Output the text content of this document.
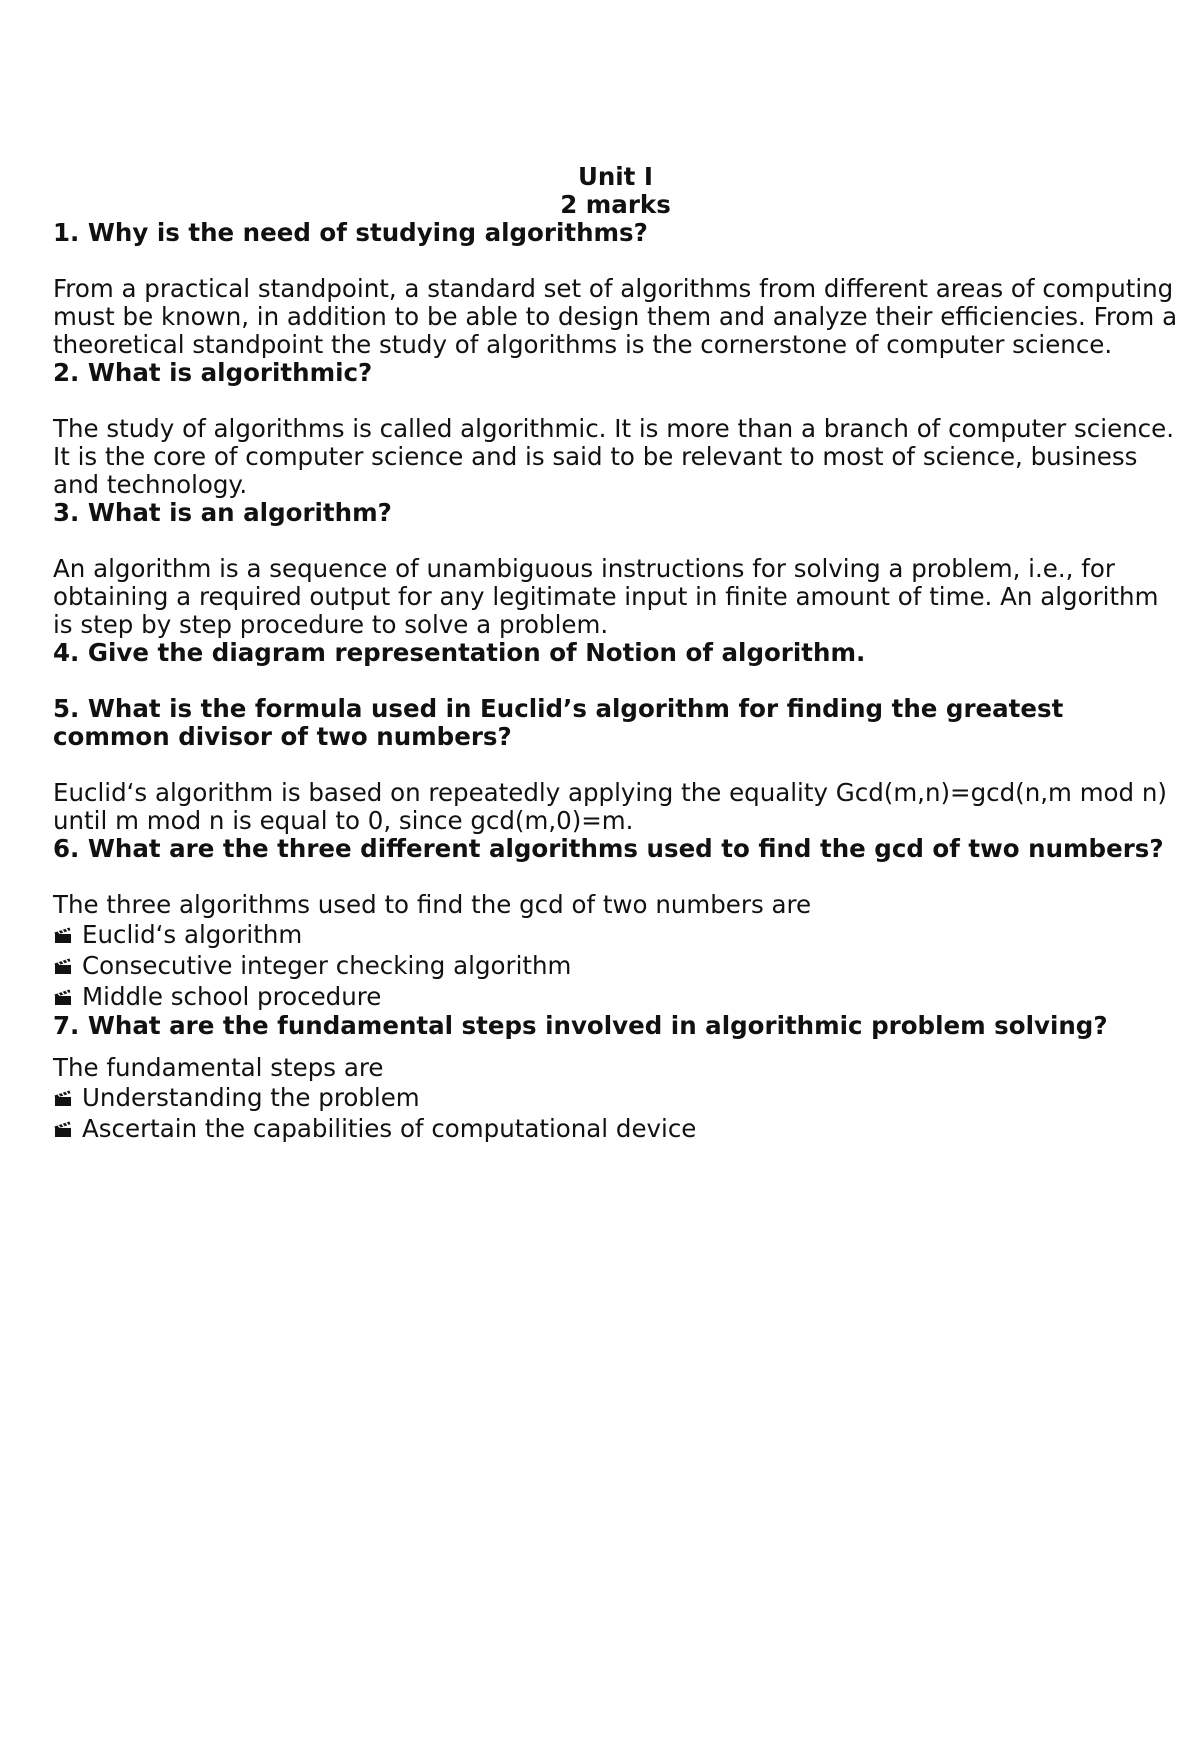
Unit I

2 marks

1. Why is the need of studying algorithms?

From a practical standpoint, a standard set of algorithms from different areas of computing must be known, in addition to be able to design them and analyze their efficiencies. From a theoretical standpoint the study of algorithms is the cornerstone of computer science.

2. What is algorithmic?

The study of algorithms is called algorithmic. It is more than a branch of computer science. It is the core of computer science and is said to be relevant to most of science, business and technology.

3. What is an algorithm?

An algorithm is a sequence of unambiguous instructions for solving a problem, i.e., for obtaining a required output for any legitimate input in finite amount of time. An algorithm is step by step procedure to solve a problem.

4. Give the diagram representation of Notion of algorithm.

5. What is the formula used in Euclid’s algorithm for finding the greatest common divisor of two numbers?

Euclid‘s algorithm is based on repeatedly applying the equality Gcd(m,n)=gcd(n,m mod n) until m mod n is equal to 0, since gcd(m,0)=m.

6. What are the three different algorithms used to find the gcd of two numbers?

The three algorithms used to find the gcd of two numbers are

Euclid‘s algorithm
Consecutive integer checking algorithm
Middle school procedure

7. What are the fundamental steps involved in algorithmic problem solving?

The fundamental steps are

Understanding the problem
Ascertain the capabilities of computational device
